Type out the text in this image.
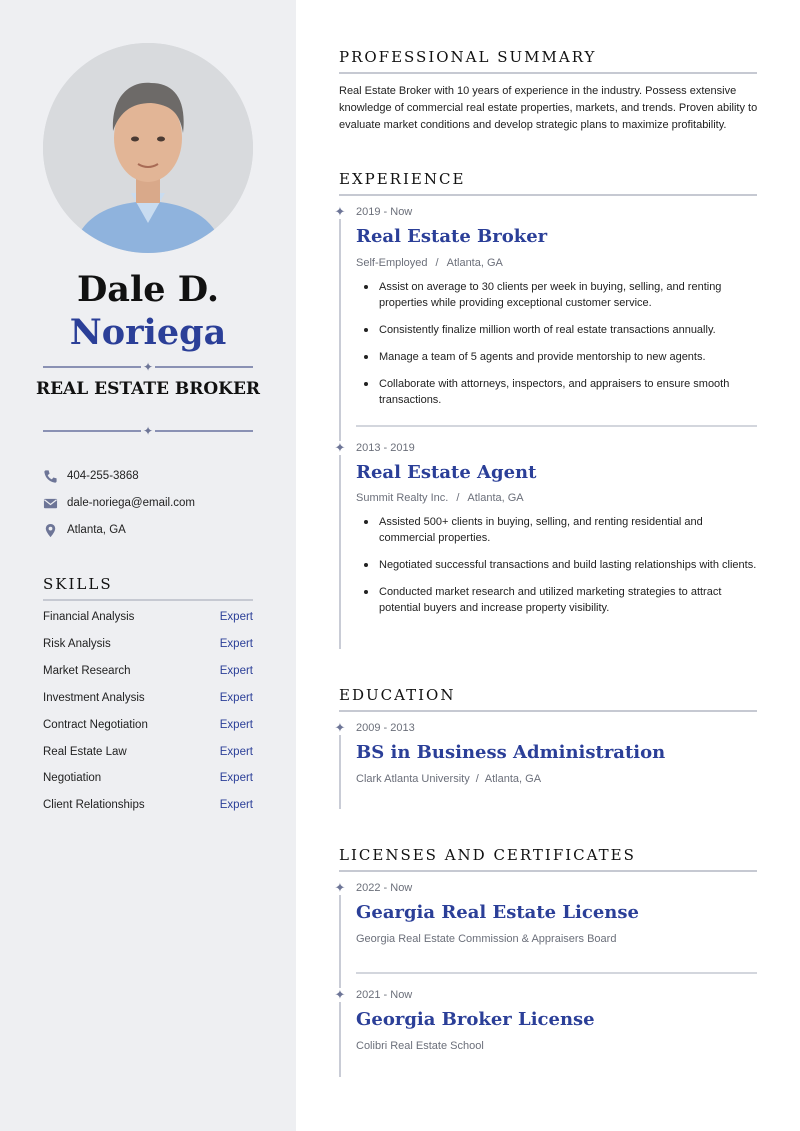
Dale D.
Noriega
✦
REAL ESTATE BROKER
✦
404-255-3868
dale-noriega@email.com
Atlanta, GA
SKILLS
Financial Analysis	Expert
Risk Analysis	Expert
Market Research	Expert
Investment Analysis	Expert
Contract Negotiation	Expert
Real Estate Law	Expert
Negotiation	Expert
Client Relationships	Expert
PROFESSIONAL SUMMARY
Real Estate Broker with 10 years of experience in the industry. Possess extensive knowledge of commercial real estate properties, markets, and trends. Proven ability to evaluate market conditions and develop strategic plans to maximize profitability.
EXPERIENCE
✦ 2019 - Now
Real Estate Broker
Self-Employed / Atlanta, GA
Assist on average to 30 clients per week in buying, selling, and renting properties while providing exceptional customer service.
Consistently finalize million worth of real estate transactions annually.
Manage a team of 5 agents and provide mentorship to new agents.
Collaborate with attorneys, inspectors, and appraisers to ensure smooth transactions.
✦ 2013 - 2019
Real Estate Agent
Summit Realty Inc. / Atlanta, GA
Assisted 500+ clients in buying, selling, and renting residential and commercial properties.
Negotiated successful transactions and build lasting relationships with clients.
Conducted market research and utilized marketing strategies to attract potential buyers and increase property visibility.
EDUCATION
✦ 2009 - 2013
BS in Business Administration
Clark Atlanta University / Atlanta, GA
LICENSES AND CERTIFICATES
✦ 2022 - Now
Geargia Real Estate License
Georgia Real Estate Commission & Appraisers Board
✦ 2021 - Now
Georgia Broker License
Colibri Real Estate School
